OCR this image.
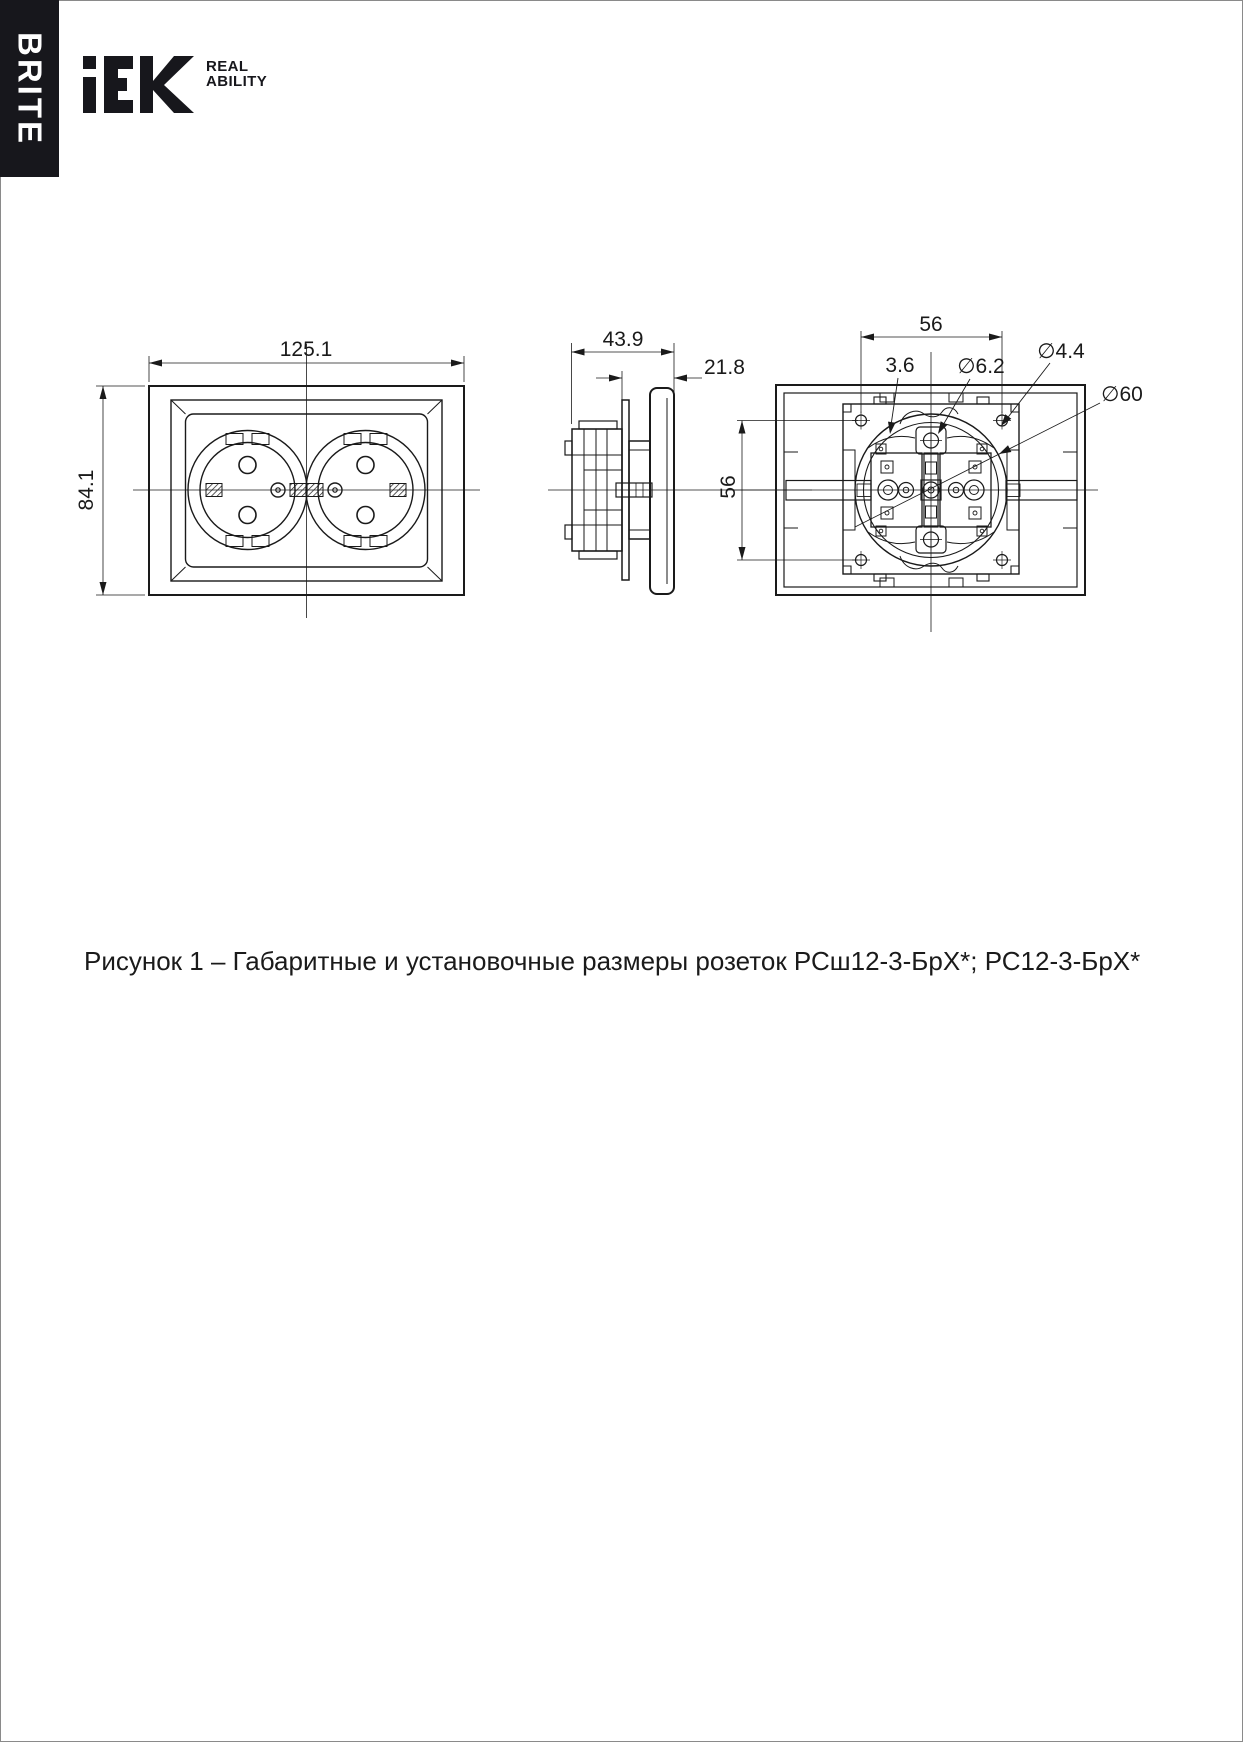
BRITE	REAL
ABILITY
125.1
84.1
43.9
21.8
56
56
3.6 ∅6.2
∅4.4
∅60
Рисунок 1 – Габаритные и установочные размеры розеток РСш12-3-БрХ*; РС12-3-БрХ*
